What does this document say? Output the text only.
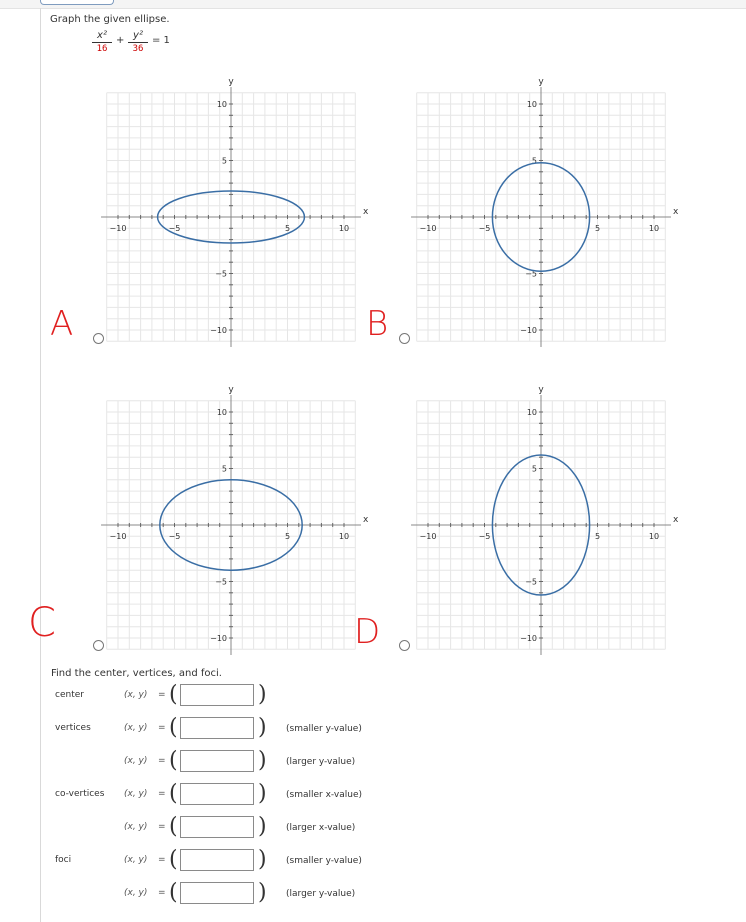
Graph the given ellipse.
x²
16
+ y²
36
= 1
−10
−10
−5
−5
5
5
10
10
x
y
A
−10
−10
−5
−5
5
5
10
10
x
y
B
−10
−10
−5
−5
5
5
10
10
x
y
C
−10
−10
−5
−5
5
5
10
10
x
y
D
Find the center, vertices, and foci.
center	(x, y) = (	)
vertices	(x, y) = (	) (smaller y-value)
(x, y) = (	) (larger y-value)
co-vertices (x, y) = (	) (smaller x-value)
(x, y) = (	) (larger x-value)
foci	(x, y) = (	) (smaller y-value)
(x, y) = (	) (larger y-value)
